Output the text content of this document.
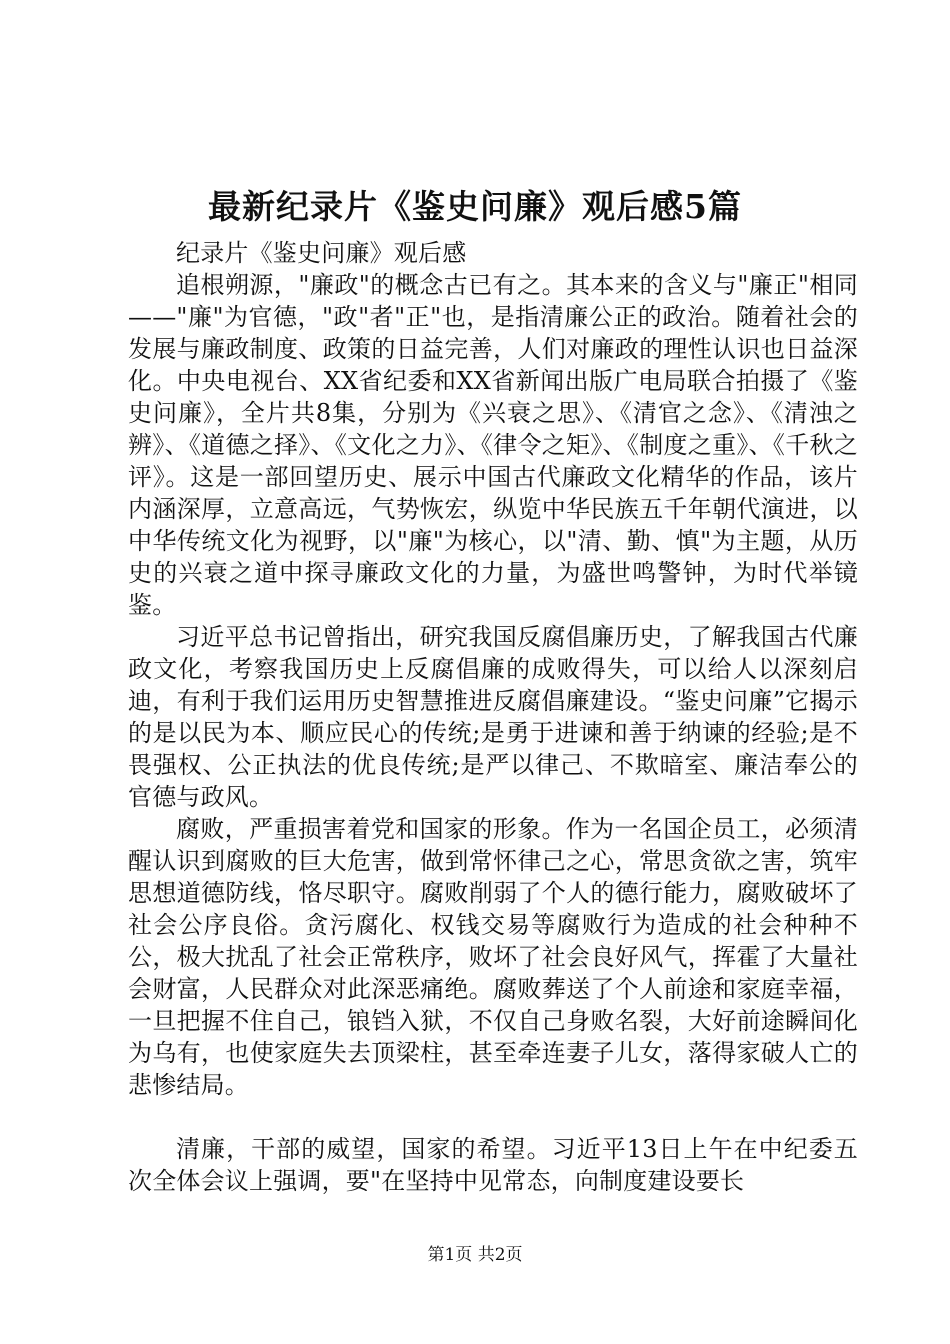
最新纪录片《鉴史问廉》观后感5篇

纪录片《鉴史问廉》观后感

追根朔源，"廉政"的概念古已有之。其本来的含义与"廉正"相同——"廉"为官德，"政"者"正"也，是指清廉公正的政治。随着社会的发展与廉政制度、政策的日益完善，人们对廉政的理性认识也日益深化。中央电视台、XX省纪委和XX省新闻出版广电局联合拍摄了《鉴史问廉》，全片共8集，分别为《兴衰之思》、《清官之念》、《清浊之辨》、《道德之择》、《文化之力》、《律令之矩》、《制度之重》、《千秋之评》。这是一部回望历史、展示中国古代廉政文化精华的作品，该片内涵深厚，立意高远，气势恢宏，纵览中华民族五千年朝代演进，以中华传统文化为视野，以"廉"为核心，以"清、勤、慎"为主题，从历史的兴衰之道中探寻廉政文化的力量，为盛世鸣警钟，为时代举镜鉴。

习近平总书记曾指出，研究我国反腐倡廉历史，了解我国古代廉政文化，考察我国历史上反腐倡廉的成败得失，可以给人以深刻启迪，有利于我们运用历史智慧推进反腐倡廉建设。“鉴史问廉”它揭示的是以民为本、顺应民心的传统;是勇于进谏和善于纳谏的经验;是不畏强权、公正执法的优良传统;是严以律己、不欺暗室、廉洁奉公的官德与政风。

腐败，严重损害着党和国家的形象。作为一名国企员工，必须清醒认识到腐败的巨大危害，做到常怀律己之心，常思贪欲之害，筑牢思想道德防线，恪尽职守。腐败削弱了个人的德行能力，腐败破坏了社会公序良俗。贪污腐化、权钱交易等腐败行为造成的社会种种不公，极大扰乱了社会正常秩序，败坏了社会良好风气，挥霍了大量社会财富，人民群众对此深恶痛绝。腐败葬送了个人前途和家庭幸福，一旦把握不住自己，锒铛入狱，不仅自己身败名裂，大好前途瞬间化为乌有，也使家庭失去顶梁柱，甚至牵连妻子儿女，落得家破人亡的悲惨结局。

清廉，干部的威望，国家的希望。习近平13日上午在中纪委五次全体会议上强调，要"在坚持中见常态，向制度建设要长

第1页 共2页
